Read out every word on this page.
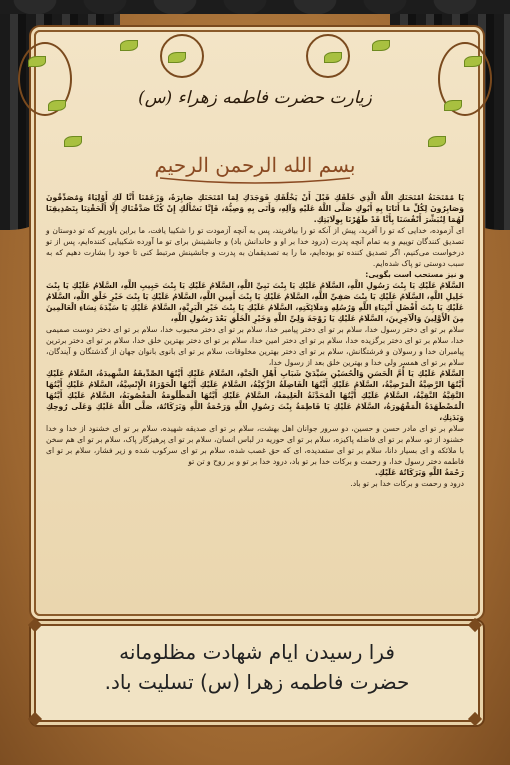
زیارت حضرت فاطمه زهراء (س)
بسم الله الرحمن الرحیم

يَا مُمْتَحَنَةُ امْتَحَنَكِ اللَّهُ الَّذِي خَلَقَكِ قَبْلَ أَنْ يَخْلُقَكِ فَوَجَدَكِ لِمَا امْتَحَنَكِ صَابِرَةً، وَزَعَمْنَا أَنَّا لَكِ أَوْلِيَاءُ وَمُصَدِّقُونَ وَصَابِرُونَ لِكُلِّ مَا أَتَانَا بِهِ أَبُوكِ صَلَّى اللَّهُ عَلَيْهِ وَآلِهِ، وَأَتَى بِهِ وَصِيُّهُ، فَإِنَّا نَسْأَلُكِ إِنْ كُنَّا صَدَّقْنَاكِ إِلَّا أَلْحَقْتِنَا بِتَصْدِيقِنَا لَهُمَا لِنُبَشِّرَ أَنْفُسَنَا بِأَنَّا قَدْ طَهُرْنَا بِوِلَايَتِكِ.

ای آزموده، خدایی که تو را آفرید، پیش از آنکه تو را بیافریند، پس به آنچه آزمودت تو را شکیبا یافت، ما براین باوریم که تو دوستان و تصدیق کنندگان توییم و به تمام آنچه پدرت (درود خدا بر او و خاندانش باد) و جانشینش برای تو ما آورده شکیبایی کننده‌ایم، پس از تو درخواست می‌کنیم، اگر تصدیق کننده تو بوده‌ایم، ما را به تصدیقمان به پدرت و جانشینش مرتبط کنی تا خود را بشارت دهیم که به سبب دوستی تو پاک شده‌ایم.

و نیز مستحب است بگویی:

السَّلَامُ عَلَيْكِ يَا بِنْتَ رَسُولِ اللَّهِ، السَّلَامُ عَلَيْكِ يَا بِنْتَ نَبِيِّ اللَّهِ، السَّلَامُ عَلَيْكِ يَا بِنْتَ حَبِيبِ اللَّهِ، السَّلَامُ عَلَيْكِ يَا بِنْتَ خَلِيلِ اللَّهِ، السَّلَامُ عَلَيْكِ يَا بِنْتَ صَفِيِّ اللَّهِ، السَّلَامُ عَلَيْكِ يَا بِنْتَ أَمِينِ اللَّهِ، السَّلَامُ عَلَيْكِ يَا بِنْتَ خَيْرِ خَلْقِ اللَّهِ، السَّلَامُ عَلَيْكِ يَا بِنْتَ أَفْضَلِ أَنْبِيَاءِ اللَّهِ وَرُسُلِهِ وَمَلَائِكَتِهِ، السَّلَامُ عَلَيْكِ يَا بِنْتَ خَيْرِ الْبَرِيَّةِ، السَّلَامُ عَلَيْكِ يَا سَيِّدَةَ نِسَاءِ الْعَالَمِينَ مِنَ الْأَوَّلِينَ وَالْآخِرِينَ، السَّلَامُ عَلَيْكِ يَا زَوْجَةَ وَلِيِّ اللَّهِ وَخَيْرِ الْخَلْقِ بَعْدَ رَسُولِ اللَّهِ،

سلام بر تو ای دختر رسول خدا، سلام بر تو ای دختر پیامبر خدا، سلام بر تو ای دختر محبوب خدا، سلام بر تو ای دختر دوست صمیمی خدا، سلام بر تو ای دختر برگزیده خدا، سلام بر تو ای دختر امین خدا، سلام بر تو ای دختر بهترین خلق خدا، سلام بر تو ای دختر برترین پیامبران خدا و رسولان و فرشتگانش، سلام بر تو ای دختر بهترین مخلوقات، سلام بر تو ای بانوی بانوان جهان از گذشتگان و آیندگان، سلام بر تو ای همسر ولی خدا و بهترین خلق بعد از رسول خدا،

السَّلَامُ عَلَيْكِ يَا أُمَّ الْحَسَنِ وَالْحُسَيْنِ سَيِّدَيْ شَبَابِ أَهْلِ الْجَنَّةِ، السَّلَامُ عَلَيْكِ أَيَّتُهَا الصِّدِّيقَةُ الشَّهِيدَةُ، السَّلَامُ عَلَيْكِ أَيَّتُهَا الرَّضِيَّةُ الْمَرْضِيَّةُ، السَّلَامُ عَلَيْكِ أَيَّتُهَا الْفَاضِلَةُ الزَّكِيَّةُ، السَّلَامُ عَلَيْكِ أَيَّتُهَا الْحَوْرَاءُ الْإِنْسِيَّةُ، السَّلَامُ عَلَيْكِ أَيَّتُهَا التَّقِيَّةُ النَّقِيَّةُ، السَّلَامُ عَلَيْكِ أَيَّتُهَا الْمُحَدَّثَةُ الْعَلِيمَةُ، السَّلَامُ عَلَيْكِ أَيَّتُهَا الْمَظْلُومَةُ الْمَغْصُوبَةُ، السَّلَامُ عَلَيْكِ أَيَّتُهَا الْمُضْطَهَدَةُ الْمَقْهُورَةُ، السَّلَامُ عَلَيْكِ يَا فَاطِمَةُ بِنْتَ رَسُولِ اللَّهِ وَرَحْمَةُ اللَّهِ وَبَرَكَاتُهُ، صَلَّى اللَّهُ عَلَيْكِ وَعَلَى رُوحِكِ وَبَدَنِكِ،

سلام بر تو ای مادر حسن و حسین، دو سرور جوانان اهل بهشت، سلام بر تو ای صدیقه شهیده، سلام بر تو ای خشنود از خدا و خدا خشنود از تو، سلام بر تو ای فاضله پاکیزه، سلام بر تو ای حوریه در لباس انسان، سلام بر تو ای پرهیزگار پاک، سلام بر تو ای هم سخن با ملائکه و ای بسیار دانا، سلام بر تو ای ستمدیده، ای که حق غصب شده، سلام بر تو ای سرکوب شده و زیر فشار، سلام بر تو ای فاطمه دختر رسول خدا، و رحمت و برکات خدا بر تو باد، درود خدا بر تو و بر روح و تن تو

رَحْمَةُ اللَّهِ وَبَرَكَاتُهُ عَلَيْكِ.

درود و رحمت و برکات خدا بر تو باد.

فرا رسیدن ایام شهادت مظلومانه
حضرت فاطمه زهرا (س) تسلیت باد.
